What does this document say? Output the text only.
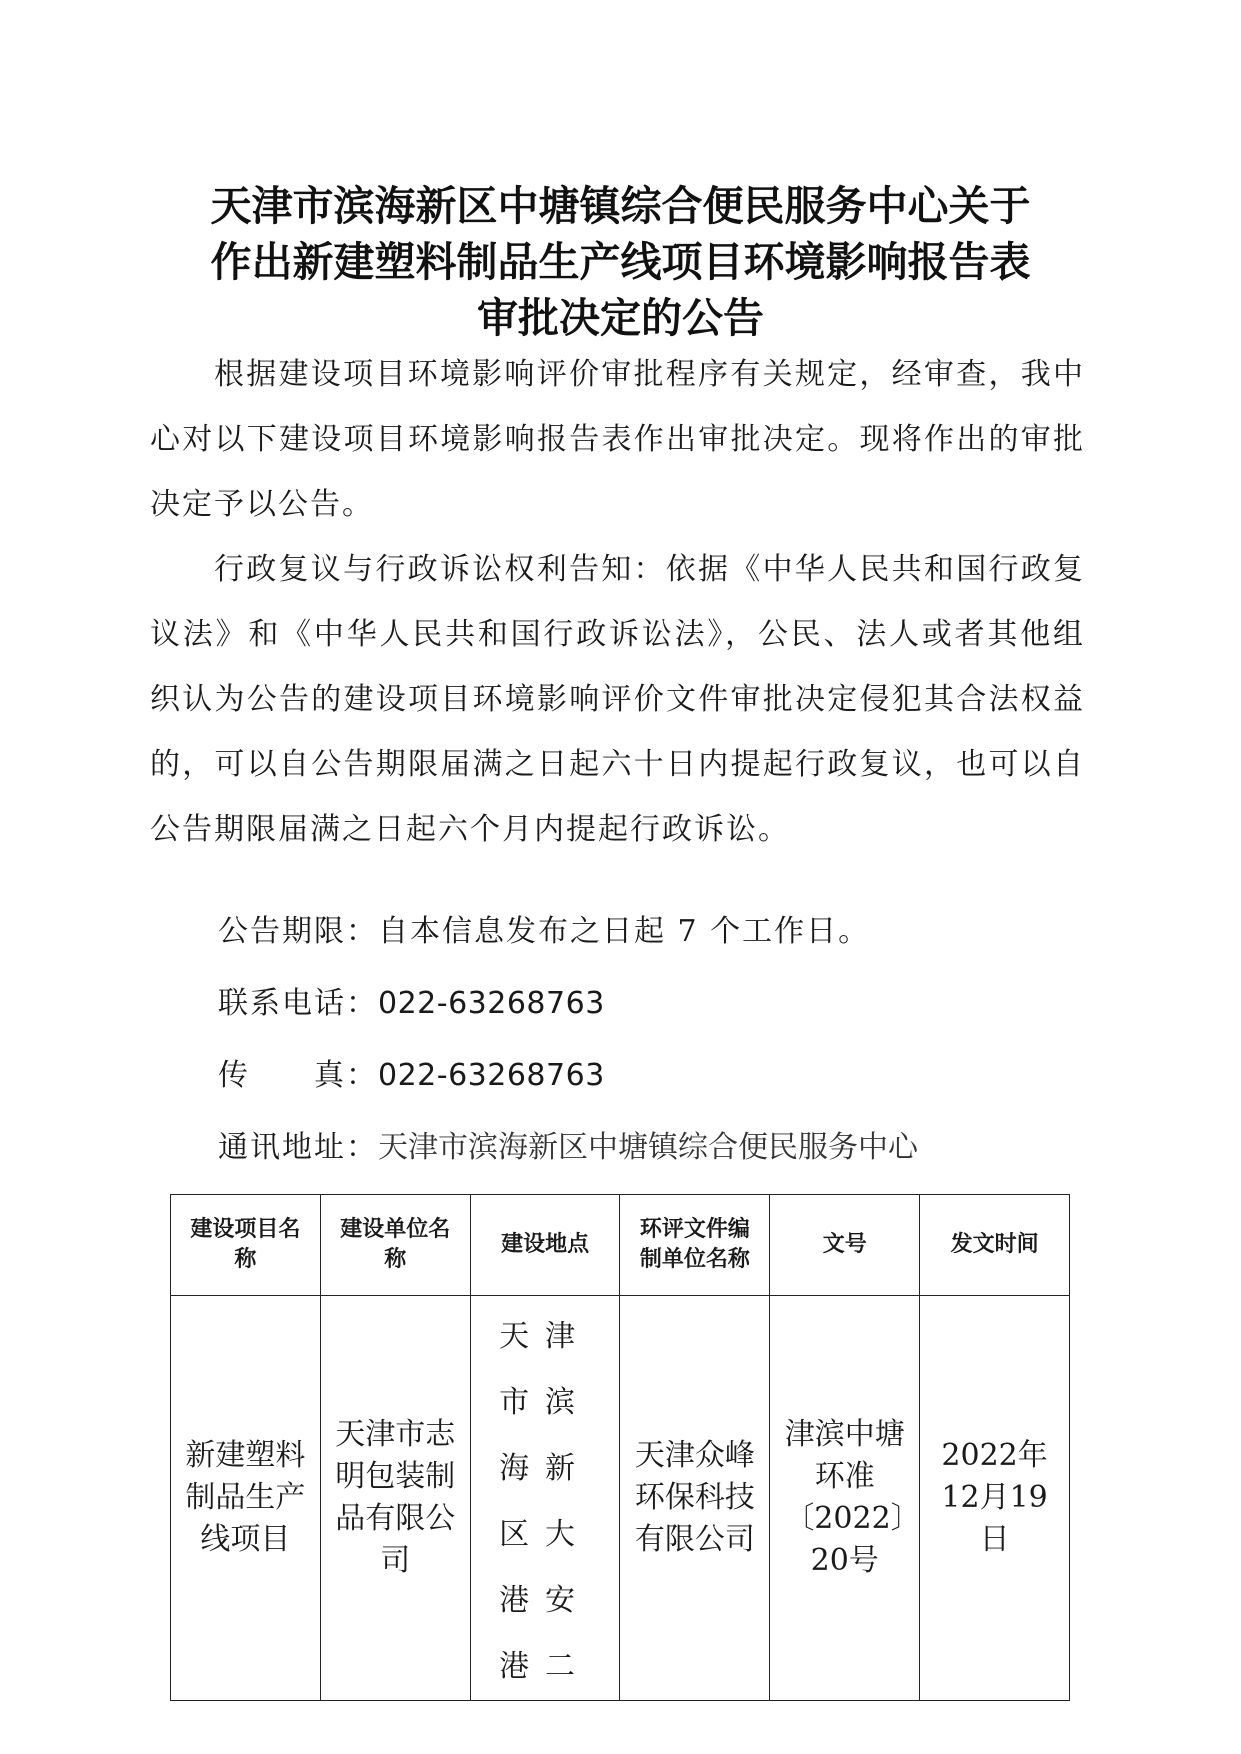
天津市滨海新区中塘镇综合便民服务中心关于
作出新建塑料制品生产线项目环境影响报告表
审批决定的公告

根据建设项目环境影响评价审批程序有关规定，经审查，我中心对以下建设项目环境影响报告表作出审批决定。现将作出的审批决定予以公告。

行政复议与行政诉讼权利告知：依据《中华人民共和国行政复议法》和《中华人民共和国行政诉讼法》，公民、法人或者其他组织认为公告的建设项目环境影响评价文件审批决定侵犯其合法权益的，可以自公告期限届满之日起六十日内提起行政复议，也可以自公告期限届满之日起六个月内提起行政诉讼。

公告期限：自本信息发布之日起 7 个工作日。
联系电话：022-63268763
传　　真：022-63268763
通讯地址：天津市滨海新区中塘镇综合便民服务中心
建设项目名称	建设单位名称	建设地点	环评文件编制单位名称	文号	发文时间
新建塑料制品生产线项目	天津市志明包装制品有限公司	天津市滨海新区大港安港二	天津众峰环保科技有限公司	津滨中塘环准〔2022〕20号	2022年12月19日
